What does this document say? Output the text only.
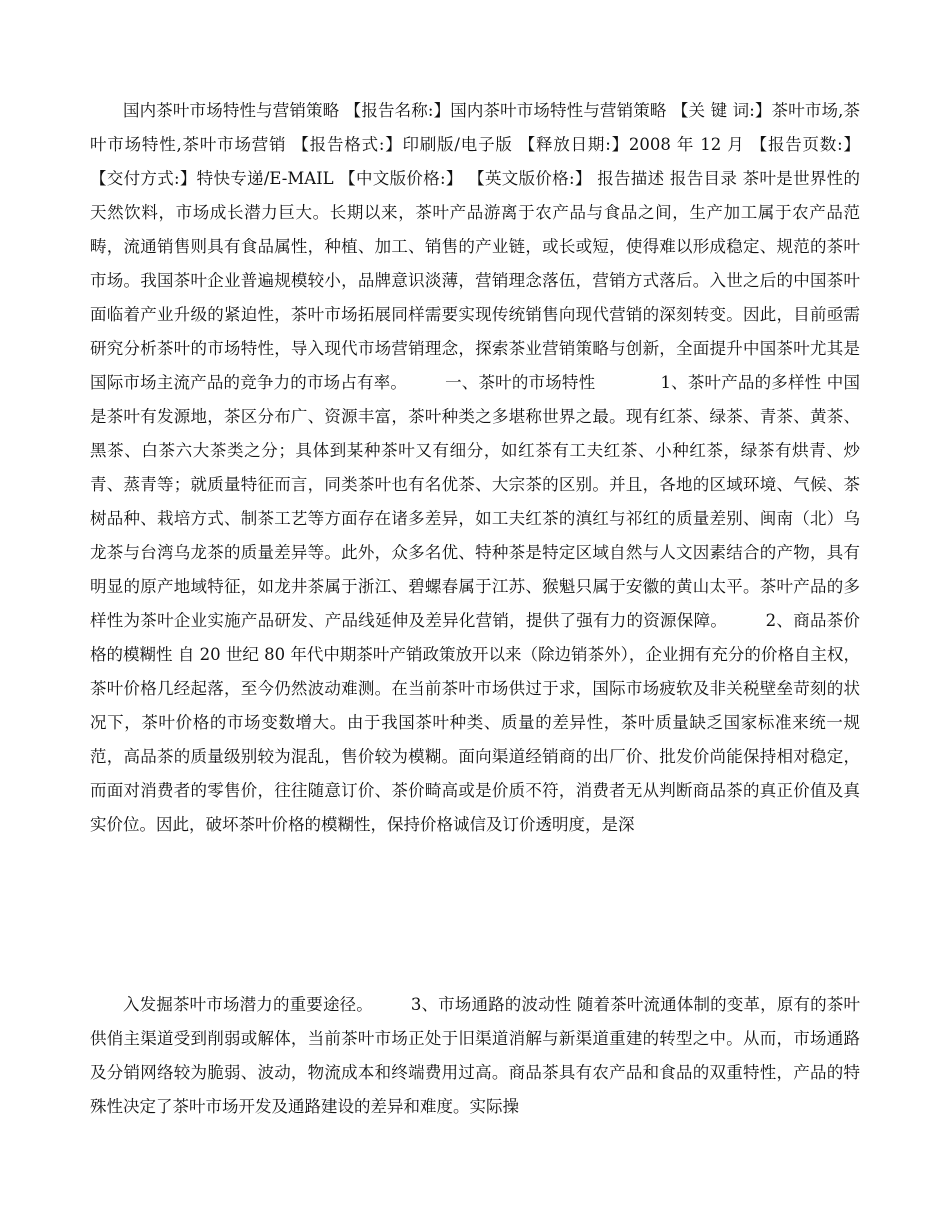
国内茶叶市场特性与营销策略 【报告名称:】国内茶叶市场特性与营销策略 【关 键 词:】茶叶市场,茶叶市场特性,茶叶市场营销 【报告格式:】印刷版/电子版 【释放日期:】2008 年 12 月 【报告页数:】 【交付方式:】特快专递/E-MAIL 【中文版价格:】 【英文版价格:】 报告描述 报告目录 茶叶是世界性的天然饮料，市场成长潜力巨大。长期以来，茶叶产品游离于农产品与食品之间，生产加工属于农产品范畴，流通销售则具有食品属性，种植、加工、销售的产业链，或长或短，使得难以形成稳定、规范的茶叶市场。我国茶叶企业普遍规模较小，品牌意识淡薄，营销理念落伍，营销方式落后。入世之后的中国茶叶面临着产业升级的紧迫性，茶叶市场拓展同样需要实现传统销售向现代营销的深刻转变。因此，目前亟需研究分析茶叶的市场特性，导入现代市场营销理念，探索茶业营销策略与创新，全面提升中国茶叶尤其是国际市场主流产品的竞争力的市场占有率。       一、茶叶的市场特性            1、茶叶产品的多样性 中国是茶叶有发源地，茶区分布广、资源丰富，茶叶种类之多堪称世界之最。现有红茶、绿茶、青茶、黄茶、黑茶、白茶六大茶类之分；具体到某种茶叶又有细分，如红茶有工夫红茶、小种红茶，绿茶有烘青、炒青、蒸青等；就质量特征而言，同类茶叶也有名优茶、大宗茶的区别。并且，各地的区域环境、气候、茶树品种、栽培方式、制茶工艺等方面存在诸多差异，如工夫红茶的滇红与祁红的质量差别、闽南（北）乌龙茶与台湾乌龙茶的质量差异等。此外，众多名优、特种茶是特定区域自然与人文因素结合的产物，具有明显的原产地域特征，如龙井茶属于浙江、碧螺春属于江苏、猴魁只属于安徽的黄山太平。茶叶产品的多样性为茶叶企业实施产品研发、产品线延伸及差异化营销，提供了强有力的资源保障。       2、商品茶价格的模糊性 自 20 世纪 80 年代中期茶叶产销政策放开以来（除边销茶外），企业拥有充分的价格自主权，茶叶价格几经起落，至今仍然波动难测。在当前茶叶市场供过于求，国际市场疲软及非关税壁垒苛刻的状况下，茶叶价格的市场变数增大。由于我国茶叶种类、质量的差异性，茶叶质量缺乏国家标准来统一规范，高品茶的质量级别较为混乱，售价较为模糊。面向渠道经销商的出厂价、批发价尚能保持相对稳定，而面对消费者的零售价，往往随意订价、茶价畸高或是价质不符，消费者无从判断商品茶的真正价值及真实价位。因此，破坏茶叶价格的模糊性，保持价格诚信及订价透明度，是深

入发掘茶叶市场潜力的重要途径。       3、市场通路的波动性 随着茶叶流通体制的变革，原有的茶叶供俏主渠道受到削弱或解体，当前茶叶市场正处于旧渠道消解与新渠道重建的转型之中。从而，市场通路及分销网络较为脆弱、波动，物流成本和终端费用过高。商品茶具有农产品和食品的双重特性，产品的特殊性决定了茶叶市场开发及通路建设的差异和难度。实际操
